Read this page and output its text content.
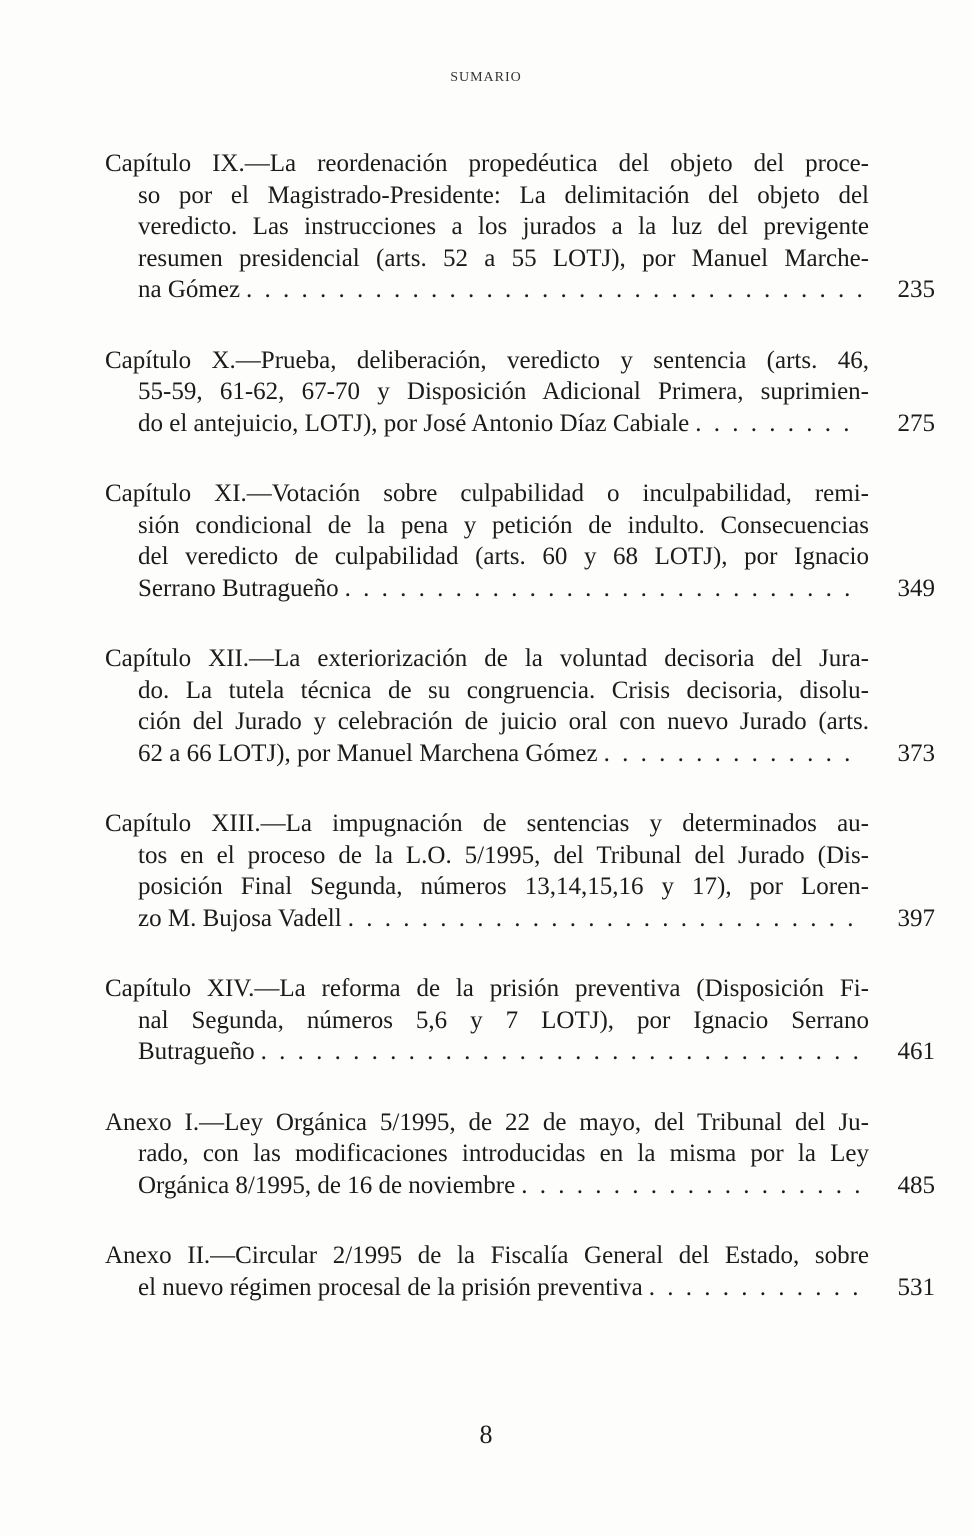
SUMARIO
Capítulo IX.—La reordenación propedéutica del objeto del proce-
so por el Magistrado-Presidente: La delimitación del objeto del
veredicto. Las instrucciones a los jurados a la luz del previgente
resumen presidencial (arts. 52 a 55 LOTJ), por Manuel Marche-
na Gómez . . .	235
Capítulo X.—Prueba, deliberación, veredicto y sentencia (arts. 46,
55-59, 61-62, 67-70 y Disposición Adicional Primera, suprimien-
do el antejuicio, LOTJ), por José Antonio Díaz Cabiale . . .	275
Capítulo XI.—Votación sobre culpabilidad o inculpabilidad, remi-
sión condicional de la pena y petición de indulto. Consecuencias
del veredicto de culpabilidad (arts. 60 y 68 LOTJ), por Ignacio
Serrano Butragueño . . .	349
Capítulo XII.—La exteriorización de la voluntad decisoria del Jura-
do. La tutela técnica de su congruencia. Crisis decisoria, disolu-
ción del Jurado y celebración de juicio oral con nuevo Jurado (arts.
62 a 66 LOTJ), por Manuel Marchena Gómez . . .	373
Capítulo XIII.—La impugnación de sentencias y determinados au-
tos en el proceso de la L.O. 5/1995, del Tribunal del Jurado (Dis-
posición Final Segunda, números 13,14,15,16 y 17), por Loren-
zo M. Bujosa Vadell . . .	397
Capítulo XIV.—La reforma de la prisión preventiva (Disposición Fi-
nal Segunda, números 5,6 y 7 LOTJ), por Ignacio Serrano
Butragueño . . .	461
Anexo I.—Ley Orgánica 5/1995, de 22 de mayo, del Tribunal del Ju-
rado, con las modificaciones introducidas en la misma por la Ley
Orgánica 8/1995, de 16 de noviembre . . .	485
Anexo II.—Circular 2/1995 de la Fiscalía General del Estado, sobre
el nuevo régimen procesal de la prisión preventiva . . .	531
8
